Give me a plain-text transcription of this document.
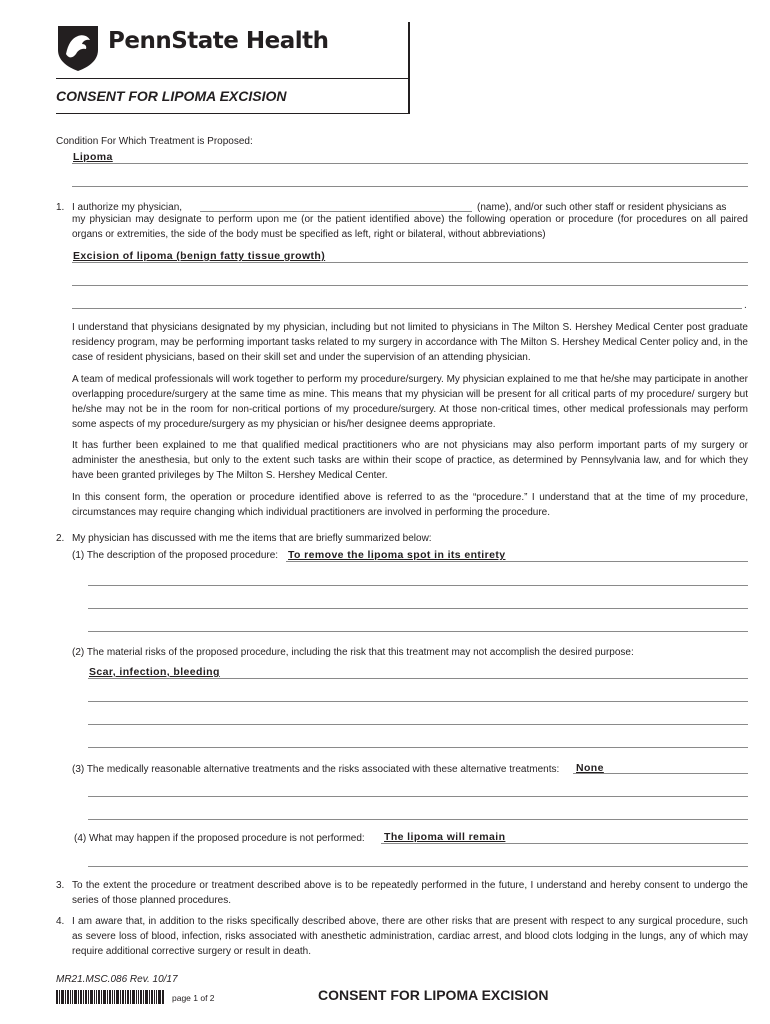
PennState Health
CONSENT FOR LIPOMA EXCISION
Condition For Which Treatment is Proposed:
Lipoma
1. I authorize my physician,	(name), and/or such other staff or resident physicians as
my physician may designate to perform upon me (or the patient identified above) the following operation or procedure (for procedures on all paired organs or extremities, the side of the body must be specified as left, right or bilateral, without abbreviations)
Excision of lipoma (benign fatty tissue growth)
.
I understand that physicians designated by my physician, including but not limited to physicians in The Milton S. Hershey Medical Center post graduate residency program, may be performing important tasks related to my surgery in accordance with The Milton S. Hershey Medical Center policy and, in the case of resident physicians, based on their skill set and under the supervision of an attending physician.
A team of medical professionals will work together to perform my procedure/surgery. My physician explained to me that he/she may participate in another overlapping procedure/surgery at the same time as mine. This means that my physician will be present for all critical parts of my procedure/ surgery but he/she may not be in the room for non-critical portions of my procedure/surgery. At those non-critical times, other medical professionals may perform some aspects of my procedure/surgery as my physician or his/her designee deems appropriate.
It has further been explained to me that qualified medical practitioners who are not physicians may also perform important parts of my surgery or administer the anesthesia, but only to the extent such tasks are within their scope of practice, as determined by Pennsylvania law, and for which they have been granted privileges by The Milton S. Hershey Medical Center.
In this consent form, the operation or procedure identified above is referred to as the “procedure.” I understand that at the time of my procedure, circumstances may require changing which individual practitioners are involved in performing the procedure.
2. My physician has discussed with me the items that are briefly summarized below:
(1) The description of the proposed procedure: To remove the lipoma spot in its entirety
(2) The material risks of the proposed procedure, including the risk that this treatment may not accomplish the desired purpose:
Scar, infection, bleeding
(3) The medically reasonable alternative treatments and the risks associated with these alternative treatments: None
(4) What may happen if the proposed procedure is not performed: The lipoma will remain
3. To the extent the procedure or treatment described above is to be repeatedly performed in the future, I understand and hereby consent to undergo the series of those planned procedures.
4. I am aware that, in addition to the risks specifically described above, there are other risks that are present with respect to any surgical procedure, such as severe loss of blood, infection, risks associated with anesthetic administration, cardiac arrest, and blood clots lodging in the lungs, any of which may require additional corrective surgery or result in death.
MR21.MSC.086 Rev. 10/17
page 1 of 2	CONSENT FOR LIPOMA EXCISION
